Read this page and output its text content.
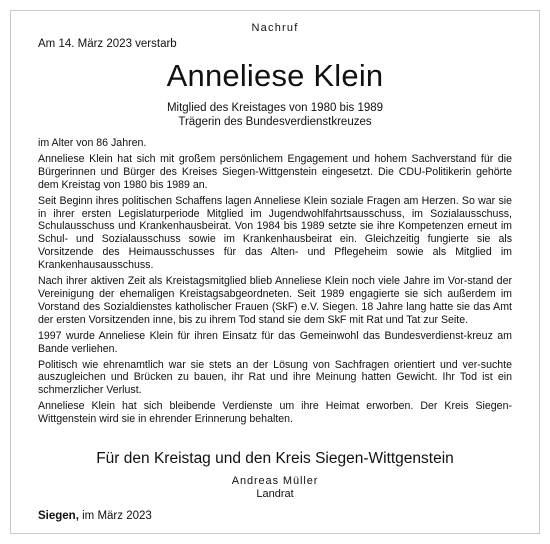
Nachruf
Am 14. März 2023 verstarb
Anneliese Klein
Mitglied des Kreistages von 1980 bis 1989
Trägerin des Bundesverdienstkreuzes

im Alter von 86 Jahren.

Anneliese Klein hat sich mit großem persönlichem Engagement und hohem Sachverstand für die Bürgerinnen und Bürger des Kreises Siegen-Wittgenstein eingesetzt. Die CDU-Politikerin gehörte dem Kreistag von 1980 bis 1989 an.

Seit Beginn ihres politischen Schaffens lagen Anneliese Klein soziale Fragen am Herzen. So war sie in ihrer ersten Legislaturperiode Mitglied im Jugendwohlfahrtsausschuss, im Sozialausschuss, Schulausschuss und Krankenhausbeirat. Von 1984 bis 1989 setzte sie ihre Kompetenzen erneut im Schul- und Sozialausschuss sowie im Krankenhausbeirat ein. Gleichzeitig fungierte sie als Vorsitzende des Heimausschusses für das Alten- und Pflegeheim sowie als Mitglied im Krankenhausausschuss.

Nach ihrer aktiven Zeit als Kreistagsmitglied blieb Anneliese Klein noch viele Jahre im Vor-stand der Vereinigung der ehemaligen Kreistagsabgeordneten. Seit 1989 engagierte sie sich außerdem im Vorstand des Sozialdienstes katholischer Frauen (SkF) e.V. Siegen. 18 Jahre lang hatte sie das Amt der ersten Vorsitzenden inne, bis zu ihrem Tod stand sie dem SkF mit Rat und Tat zur Seite.

1997 wurde Anneliese Klein für ihren Einsatz für das Gemeinwohl das Bundesverdienst-kreuz am Bande verliehen.

Politisch wie ehrenamtlich war sie stets an der Lösung von Sachfragen orientiert und ver-suchte auszugleichen und Brücken zu bauen, ihr Rat und ihre Meinung hatten Gewicht. Ihr Tod ist ein schmerzlicher Verlust.

Anneliese Klein hat sich bleibende Verdienste um ihre Heimat erworben. Der Kreis Siegen-Wittgenstein wird sie in ehrender Erinnerung behalten.

Für den Kreistag und den Kreis Siegen-Wittgenstein
Andreas Müller
Landrat
Siegen, im März 2023
